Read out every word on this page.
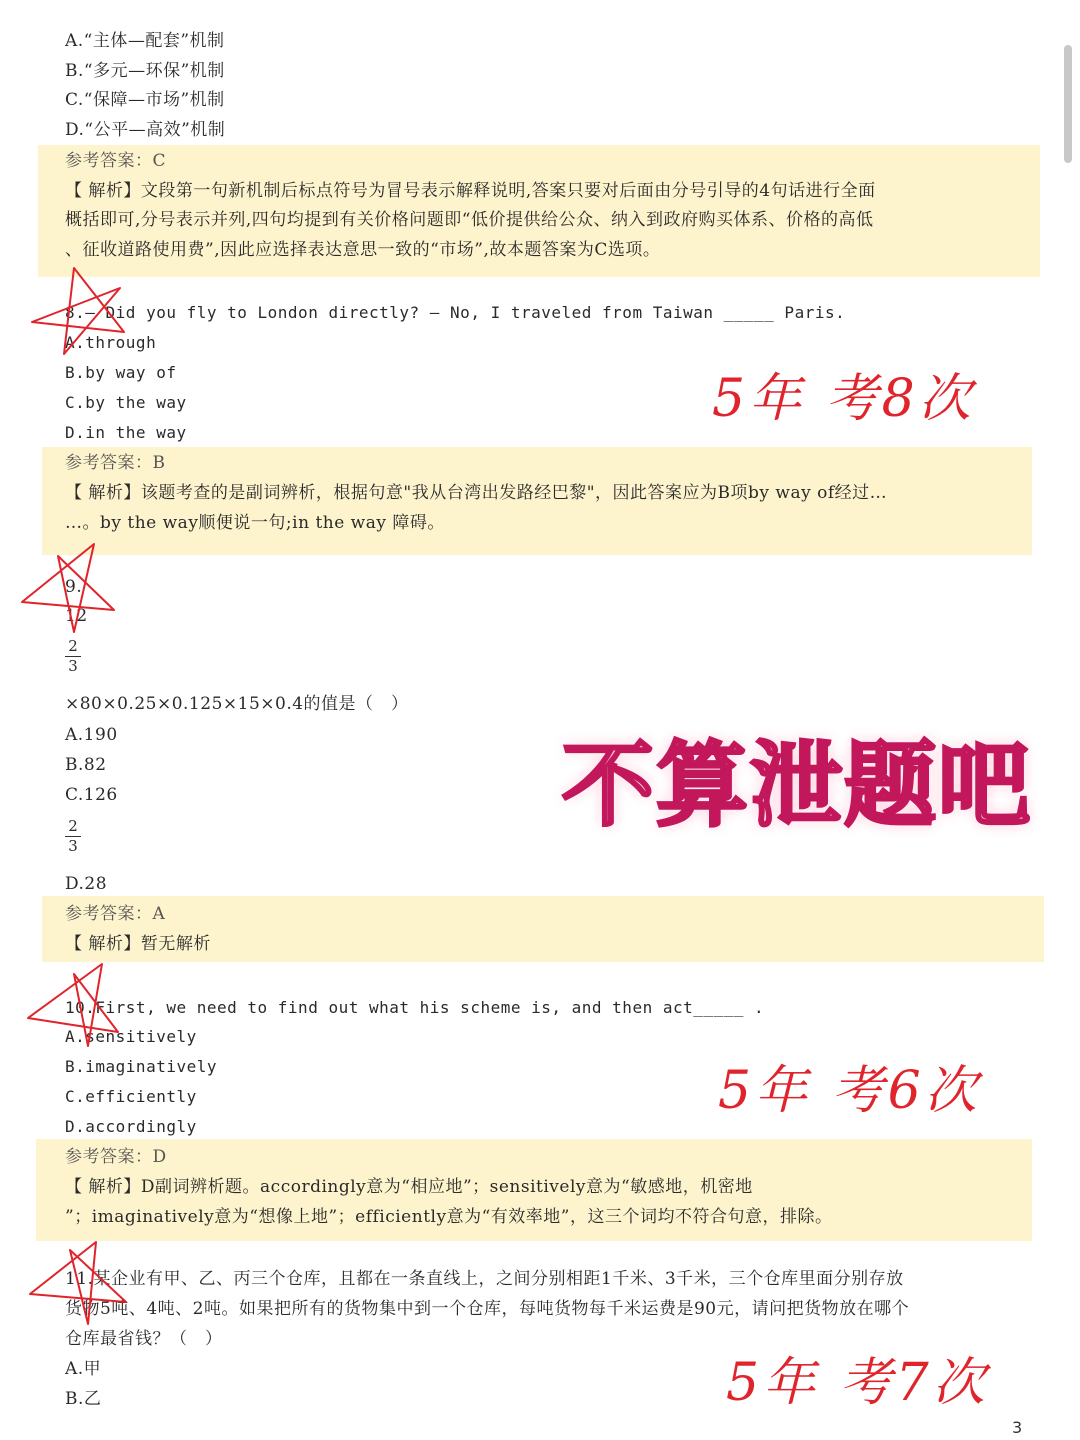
A.“主体—配套”机制
B.“多元—环保”机制
C.“保障—市场”机制
D.“公平—高效”机制
参考答案：C
【 解析】文段第一句新机制后标点符号为冒号表示解释说明,答案只要对后面由分号引导的4句话进行全面
概括即可,分号表示并列,四句均提到有关价格问题即“低价提供给公众、纳入到政府购买体系、价格的高低
、征收道路使用费”,因此应选择表达意思一致的“市场”,故本题答案为C选项。
8.— Did you fly to London directly? — No, I traveled from Taiwan _____ Paris.
A.through
B.by way of
C.by the way
D.in the way
参考答案：B
【 解析】该题考查的是副词辨析，根据句意"我从台湾出发路经巴黎"，因此答案应为B项by way of经过…
…。by the way顺便说一句;in the way 障碍。
5年 考8次
9.
12
2
3
×80×0.25×0.125×15×0.4的值是（　）
A.190
B.82
C.126
2
3
D.28
参考答案：A
【 解析】暂无解析
不算泄题吧
10.First, we need to find out what his scheme is, and then act_____ .
A.sensitively
B.imaginatively
C.efficiently
D.accordingly
参考答案：D
【 解析】D副词辨析题。accordingly意为“相应地”；sensitively意为“敏感地，机密地
”；imaginatively意为“想像上地”；efficiently意为“有效率地”，这三个词均不符合句意，排除。
5年 考6次
11.某企业有甲、乙、丙三个仓库，且都在一条直线上，之间分别相距1千米、3千米，三个仓库里面分别存放
货物5吨、4吨、2吨。如果把所有的货物集中到一个仓库，每吨货物每千米运费是90元，请问把货物放在哪个
仓库最省钱？（　）
A.甲
B.乙	5年 考7次
3
